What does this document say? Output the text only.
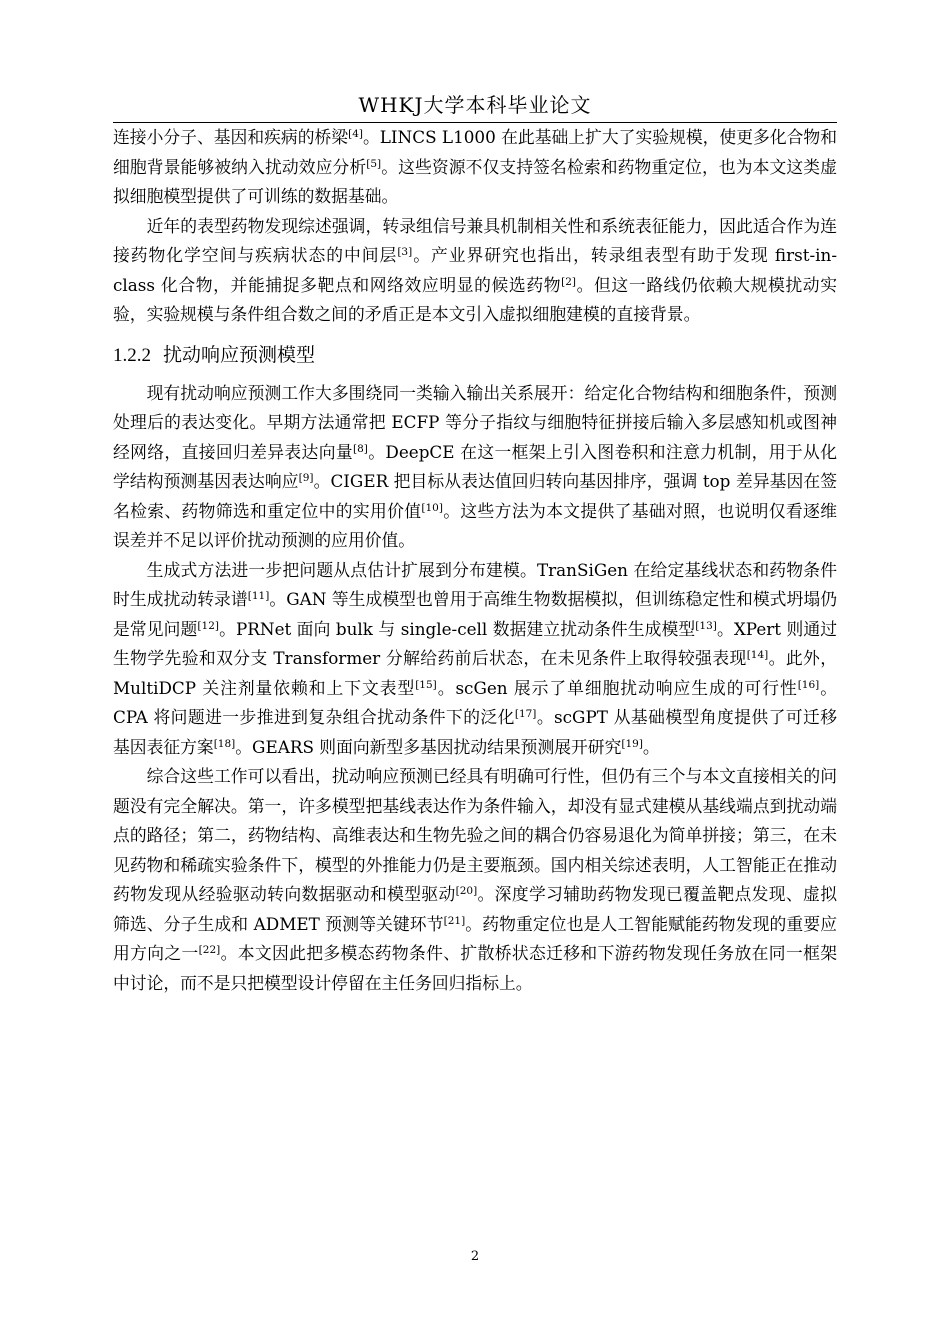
WHKJ大学本科毕业论文

连接小分子、基因和疾病的桥梁[4]。LINCS L1000 在此基础上扩大了实验规模，使更多化合物和细胞背景能够被纳入扰动效应分析[5]。这些资源不仅支持签名检索和药物重定位，也为本文这类虚拟细胞模型提供了可训练的数据基础。

近年的表型药物发现综述强调，转录组信号兼具机制相关性和系统表征能力，因此适合作为连接药物化学空间与疾病状态的中间层[3]。产业界研究也指出，转录组表型有助于发现 first-in-class 化合物，并能捕捉多靶点和网络效应明显的候选药物[2]。但这一路线仍依赖大规模扰动实验，实验规模与条件组合数之间的矛盾正是本文引入虚拟细胞建模的直接背景。

1.2.2 扰动响应预测模型

现有扰动响应预测工作大多围绕同一类输入输出关系展开：给定化合物结构和细胞条件，预测处理后的表达变化。早期方法通常把 ECFP 等分子指纹与细胞特征拼接后输入多层感知机或图神经网络，直接回归差异表达向量[8]。DeepCE 在这一框架上引入图卷积和注意力机制，用于从化学结构预测基因表达响应[9]。CIGER 把目标从表达值回归转向基因排序，强调 top 差异基因在签名检索、药物筛选和重定位中的实用价值[10]。这些方法为本文提供了基础对照，也说明仅看逐维误差并不足以评价扰动预测的应用价值。

生成式方法进一步把问题从点估计扩展到分布建模。TranSiGen 在给定基线状态和药物条件时生成扰动转录谱[11]。GAN 等生成模型也曾用于高维生物数据模拟，但训练稳定性和模式坍塌仍是常见问题[12]。PRNet 面向 bulk 与 single-cell 数据建立扰动条件生成模型[13]。XPert 则通过生物学先验和双分支 Transformer 分解给药前后状态，在未见条件上取得较强表现[14]。此外，MultiDCP 关注剂量依赖和上下文表型[15]。scGen 展示了单细胞扰动响应生成的可行性[16]。CPA 将问题进一步推进到复杂组合扰动条件下的泛化[17]。scGPT 从基础模型角度提供了可迁移基因表征方案[18]。GEARS 则面向新型多基因扰动结果预测展开研究[19]。

综合这些工作可以看出，扰动响应预测已经具有明确可行性，但仍有三个与本文直接相关的问题没有完全解决。第一，许多模型把基线表达作为条件输入，却没有显式建模从基线端点到扰动端点的路径；第二，药物结构、高维表达和生物先验之间的耦合仍容易退化为简单拼接；第三，在未见药物和稀疏实验条件下，模型的外推能力仍是主要瓶颈。国内相关综述表明，人工智能正在推动药物发现从经验驱动转向数据驱动和模型驱动[20]。深度学习辅助药物发现已覆盖靶点发现、虚拟筛选、分子生成和 ADMET 预测等关键环节[21]。药物重定位也是人工智能赋能药物发现的重要应用方向之一[22]。本文因此把多模态药物条件、扩散桥状态迁移和下游药物发现任务放在同一框架中讨论，而不是只把模型设计停留在主任务回归指标上。

2
